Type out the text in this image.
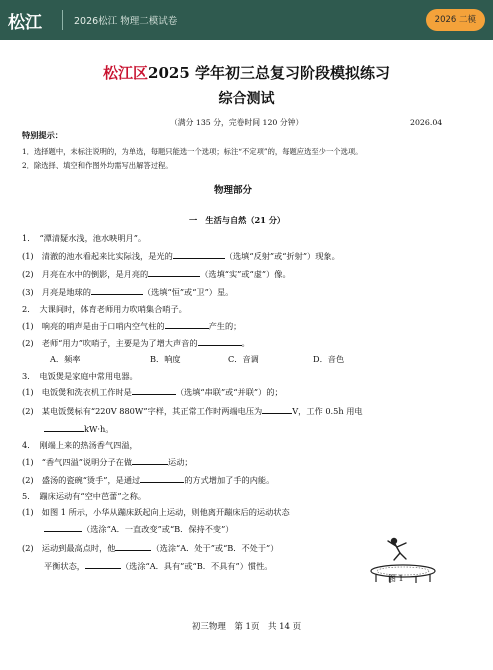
松江	2026松江 物理二模试卷	2026 二模
松江区2025 学年初三总复习阶段模拟练习
综合测试
（满分 135 分，完卷时间 120 分钟）	2026.04
特别提示：
1．选择题中，未标注说明的，为单选，每题只能选一个选项；标注“不定项”的，每题应选至少一个选项。
2．除选择、填空和作图外均需写出解答过程。
物理部分
一　生活与自然（21 分）
1．　“潭清疑水浅，池水映明月”。
(1)　清澈的池水看起来比实际浅，是光的	（选填“反射”或“折射”）现象。
(2)　月亮在水中的倒影，是月亮的	（选填“实”或“虚”）像。
(3)　月亮是地球的	（选填“恒”或“卫”）星。
2．　大课间时，体育老师用力吹哨集合哨子。
(1)　响亮的哨声是由于口哨内空气柱的	产生的；
(2)　老师“用力”吹哨子，主要是为了增大声音的	。
A．频率	B．响度	C．音调	D．音色
3．　电饭煲是家庭中常用电器。
(1)　电饭煲和洗衣机工作时是	（选填“串联”或“并联”）的；
(2)　某电饭煲标有“220V 880W”字样，其正常工作时两端电压为	V，工作 0.5h 用电
kW·h。
4．　刚端上来的热汤香气四溢，
(1)　“香气四溢”说明分子在做	运动；
(2)　盛汤的瓷碗“烫手”，是通过	的方式增加了手的内能。
5．　蹦床运动有“空中芭蕾”之称。
(1)　如图 1 所示，小华从蹦床跃起向上运动，则他离开蹦床后的运动状态
（选涂“A．一直改变”或“B．保持不变”）
(2)　运动到最高点时，他	（选涂“A．处于”或“B．不处于”）
平衡状态，	（选涂“A．具有”或“B．不具有”）惯性。
图 1
初三物理　第 1页　共 14 页
